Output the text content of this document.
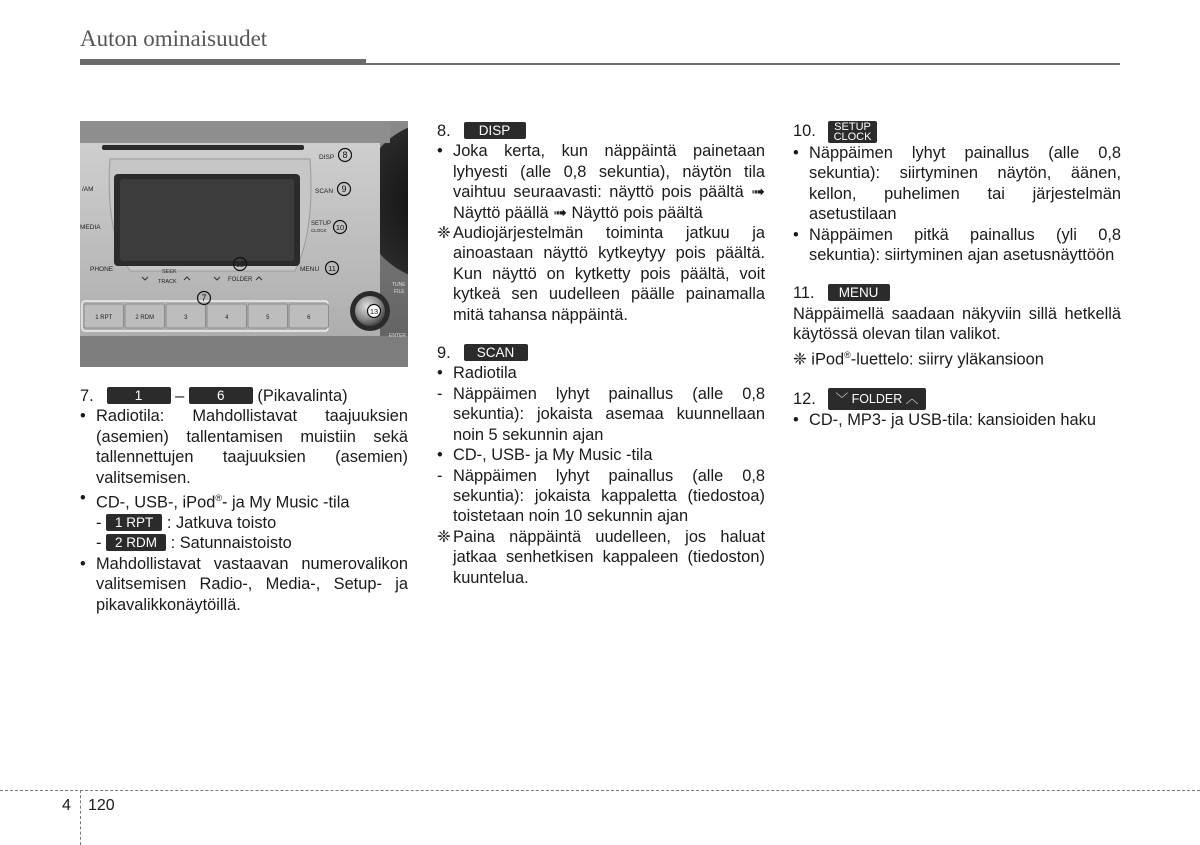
Auton ominaisuudet
DISP
SCAN
SETUP
CLOCK
MENU
/AM
MEDIA
PHONE	SEEK
TRACK	FOLDER
TUNE
FILE
ENTER
1 RPT	2 RDM	3	4	5	6
8
9
10
11
12
7
13

7.	1 – 6 (Pikavalinta)

• Radiotila: Mahdollistavat taajuuksien (asemien) tallentamisen muistiin sekä tallennettujen taajuuksien (asemien) valitsemisen.
• CD-, USB-, iPod®- ja My Music -tila

- 1 RPT : Jatkuva toisto

- 2 RDM : Satunnaistoisto

• Mahdollistavat vastaavan numerovalikon valitsemisen Radio-, Media-, Setup- ja pikavalikkonäytöillä.

8. DISP

• Joka kerta, kun näppäintä painetaan lyhyesti (alle 0,8 sekuntia), näytön tila vaihtuu seuraavasti: näyttö pois päältä ➟ Näyttö päällä ➟ Näyttö pois päältä
❈ Audiojärjestelmän toiminta jatkuu ja ainoastaan näyttö kytkeytyy pois päältä. Kun näyttö on kytketty pois päältä, voit kytkeä sen uudelleen päälle painamalla mitä tahansa näppäintä.

9. SCAN

• Radiotila
- Näppäimen lyhyt painallus (alle 0,8 sekuntia): jokaista asemaa kuunnellaan noin 5 sekunnin ajan
• CD-, USB- ja My Music -tila
- Näppäimen lyhyt painallus (alle 0,8 sekuntia): jokaista kappaletta (tiedostoa) toistetaan noin 10 sekunnin ajan
❈ Paina näppäintä uudelleen, jos haluat jatkaa senhetkisen kappaleen (tiedoston) kuuntelua.

10. SETUP
CLOCK

• Näppäimen lyhyt painallus (alle 0,8 sekuntia): siirtyminen näytön, äänen, kellon, puhelimen tai järjestelmän asetustilaan
• Näppäimen pitkä painallus (yli 0,8 sekuntia): siirtyminen ajan asetusnäyttöön

11. MENU

Näppäimellä saadaan näkyviin sillä hetkellä käytössä olevan tilan valikot.

❈ iPod®-luettelo: siirry yläkansioon

12. ﹀ FOLDER ︿

• CD-, MP3- ja USB-tila: kansioiden haku
4 120
